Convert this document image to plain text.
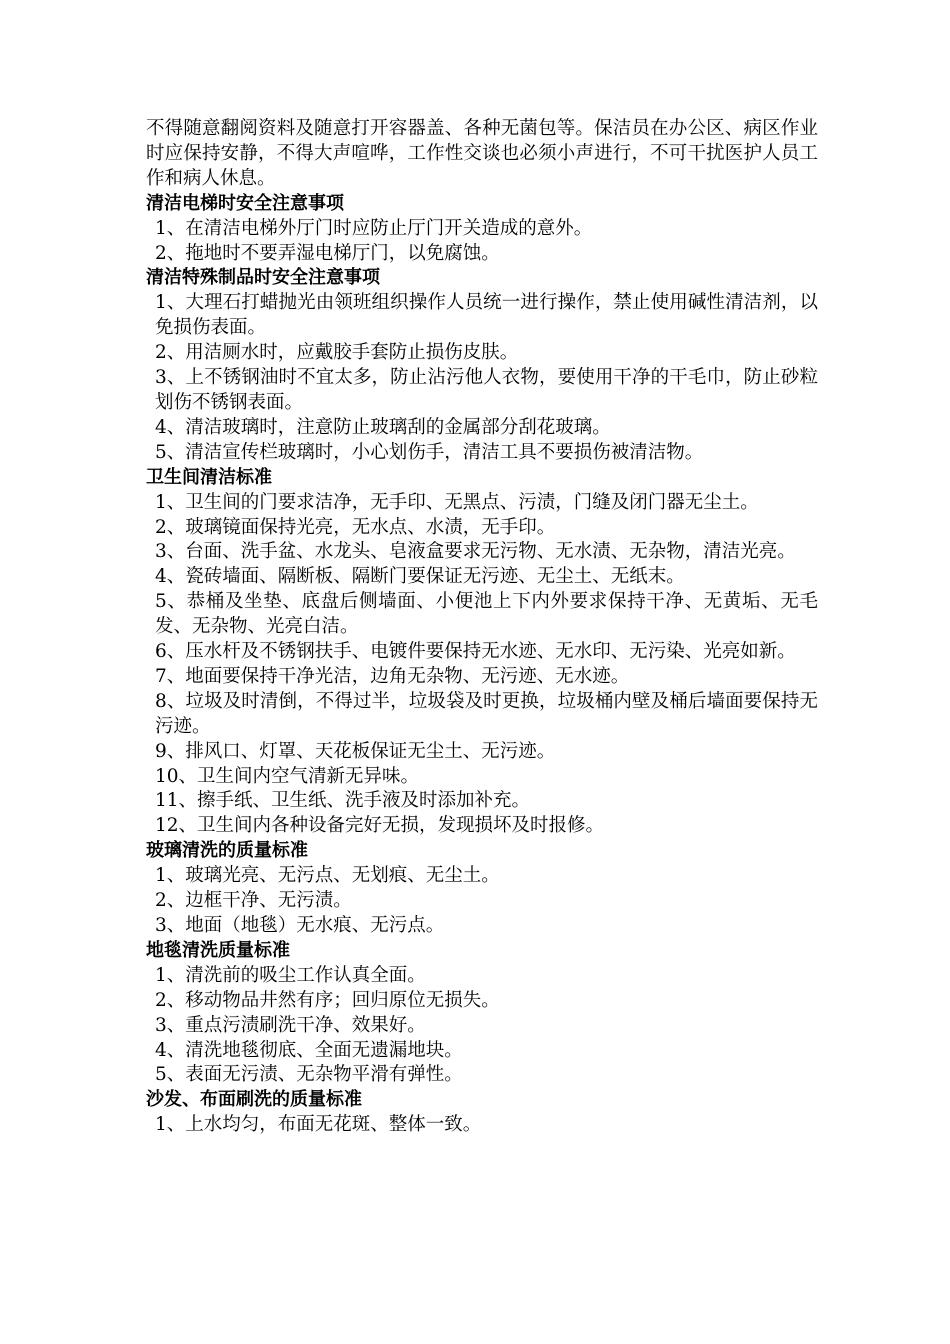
不得随意翻阅资料及随意打开容器盖、各种无菌包等。保洁员在办公区、病区作业时应保持安静，不得大声喧哗，工作性交谈也必须小声进行，不可干扰医护人员工作和病人休息。

清洁电梯时安全注意事项

1、在清洁电梯外厅门时应防止厅门开关造成的意外。

2、拖地时不要弄湿电梯厅门，以免腐蚀。

清洁特殊制品时安全注意事项

1、大理石打蜡抛光由领班组织操作人员统一进行操作，禁止使用碱性清洁剂，以免损伤表面。

2、用洁厕水时，应戴胶手套防止损伤皮肤。

3、上不锈钢油时不宜太多，防止沾污他人衣物，要使用干净的干毛巾，防止砂粒划伤不锈钢表面。

4、清洁玻璃时，注意防止玻璃刮的金属部分刮花玻璃。

5、清洁宣传栏玻璃时，小心划伤手，清洁工具不要损伤被清洁物。

卫生间清洁标准

1、卫生间的门要求洁净，无手印、无黑点、污渍，门缝及闭门器无尘土。

2、玻璃镜面保持光亮，无水点、水渍，无手印。

3、台面、洗手盆、水龙头、皂液盒要求无污物、无水渍、无杂物，清洁光亮。

4、瓷砖墙面、隔断板、隔断门要保证无污迹、无尘土、无纸末。

5、恭桶及坐垫、底盘后侧墙面、小便池上下内外要求保持干净、无黄垢、无毛发、无杂物、光亮白洁。

6、压水杆及不锈钢扶手、电镀件要保持无水迹、无水印、无污染、光亮如新。

7、地面要保持干净光洁，边角无杂物、无污迹、无水迹。

8、垃圾及时清倒，不得过半，垃圾袋及时更换，垃圾桶内壁及桶后墙面要保持无污迹。

9、排风口、灯罩、天花板保证无尘土、无污迹。

10、卫生间内空气清新无异味。

11、擦手纸、卫生纸、洗手液及时添加补充。

12、卫生间内各种设备完好无损，发现损坏及时报修。

玻璃清洗的质量标准

1、玻璃光亮、无污点、无划痕、无尘土。

2、边框干净、无污渍。

3、地面（地毯）无水痕、无污点。

地毯清洗质量标准

1、清洗前的吸尘工作认真全面。

2、移动物品井然有序；回归原位无损失。

3、重点污渍刷洗干净、效果好。

4、清洗地毯彻底、全面无遗漏地块。

5、表面无污渍、无杂物平滑有弹性。

沙发、布面刷洗的质量标准

1、上水均匀，布面无花斑、整体一致。
